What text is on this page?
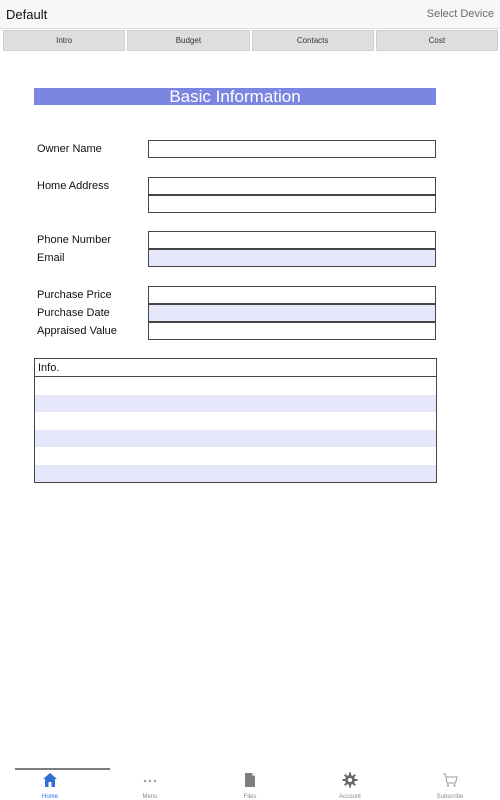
Default	Select Device
Intro	Budget	Contacts	Cost
Basic Information
Owner Name
Home Address
Phone Number
Email
Purchase Price
Purchase Date
Appraised Value
Info.
Home	Menu	Files	Account	Subscribe
